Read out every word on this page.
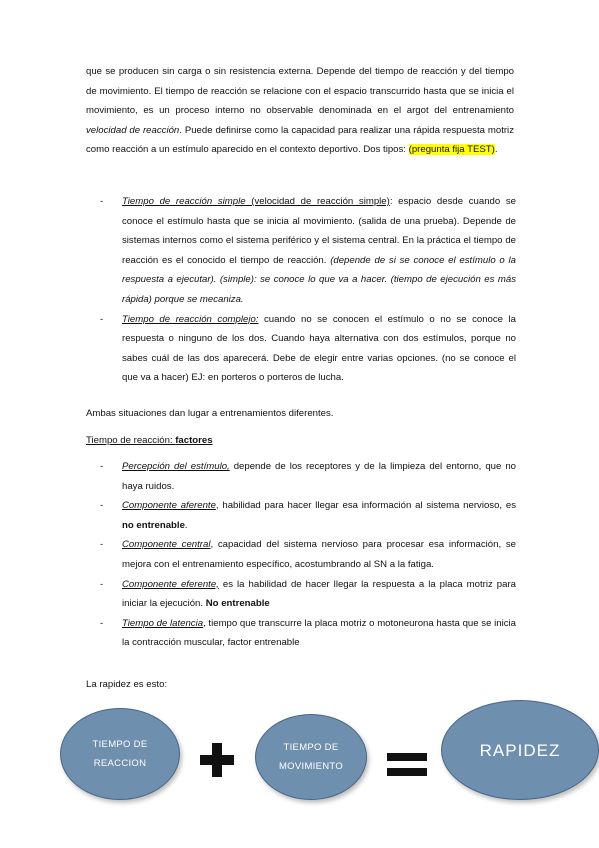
que se producen sin carga o sin resistencia externa. Depende del tiempo de reacción y del tiempo de movimiento. El tiempo de reacción se relacione con el espacio transcurrido hasta que se inicia el movimiento, es un proceso interno no observable denominada en el argot del entrenamiento velocidad de reacción. Puede definirse como la capacidad para realizar una rápida respuesta motriz como reacción a un estímulo aparecido en el contexto deportivo. Dos tipos: (pregunta fija TEST).

- Tiempo de reacción simple (velocidad de reacción simple): espacio desde cuando se conoce el estímulo hasta que se inicia al movimiento. (salida de una prueba). Depende de sistemas internos como el sistema periférico y el sistema central. En la práctica el tiempo de reacción es el conocido el tiempo de reacción. (depende de si se conoce el estímulo o la respuesta a ejecutar). (simple): se conoce lo que va a hacer. (tiempo de ejecución es más rápida) porque se mecaniza.
- Tiempo de reacción complejo: cuando no se conocen el estímulo o no se conoce la respuesta o ninguno de los dos. Cuando haya alternativa con dos estímulos, porque no sabes cuál de las dos aparecerá. Debe de elegir entre varias opciones. (no se conoce el que va a hacer) EJ: en porteros o porteros de lucha.

Ambas situaciones dan lugar a entrenamientos diferentes.

Tiempo de reacción: factores

- Percepción del estímulo, depende de los receptores y de la limpieza del entorno, que no haya ruidos.
- Componente aferente, habilidad para hacer llegar esa información al sistema nervioso, es no entrenable.
- Componente central, capacidad del sistema nervioso para procesar esa información, se mejora con el entrenamiento específico, acostumbrando al SN a la fatiga.
- Componente eferente, es la habilidad de hacer llegar la respuesta a la placa motriz para iniciar la ejecución. No entrenable
- Tiempo de latencia, tiempo que transcurre la placa motriz o motoneurona hasta que se inicia la contracción muscular, factor entrenable

La rapidez es esto:

TIEMPO DE
REACCION
TIEMPO DE
MOVIMIENTO
RAPIDEZ
